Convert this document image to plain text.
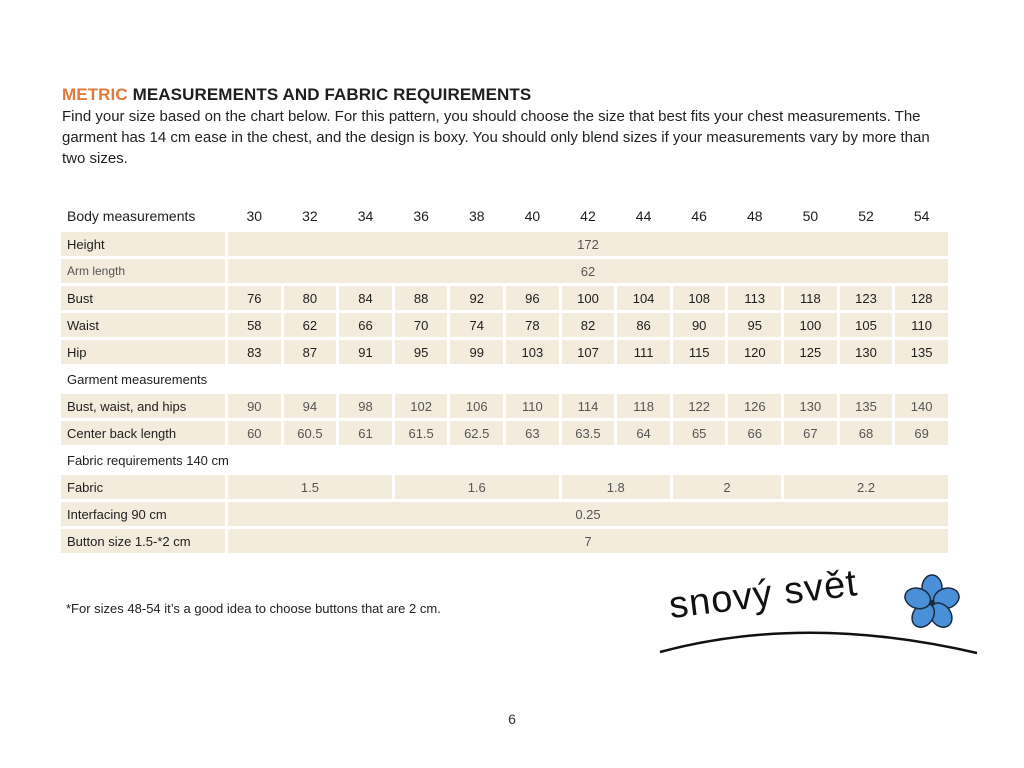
METRIC MEASUREMENTS AND FABRIC REQUIREMENTS
Find your size based on the chart below. For this pattern, you should choose the size that best fits your chest measurements. The garment has 14 cm ease in the chest, and the design is boxy. You should only blend sizes if your measurements vary by more than two sizes.
Body measurements	30	32	34	36	38	40	42	44	46	48	50	52	54
Height	172												
Arm length	62												
Bust	76	80	84	88	92	96	100	104	108	113	118	123	128
Waist	58	62	66	70	74	78	82	86	90	95	100	105	110
Hip	83	87	91	95	99	103	107	111	115	120	125	130	135
Garment measurements													
Bust, waist, and hips	90	94	98	102	106	110	114	118	122	126	130	135	140
Center back length	60	60.5	61	61.5	62.5	63	63.5	64	65	66	67	68	69
Fabric requirements 140 cm													
Fabric	1.5			1.6			1.8		2		2.2		
Interfacing 90 cm	0.25												
Button size 1.5-*2 cm	7												
*For sizes 48-54 it’s a good idea to choose buttons that are 2 cm.	snový svět
6
